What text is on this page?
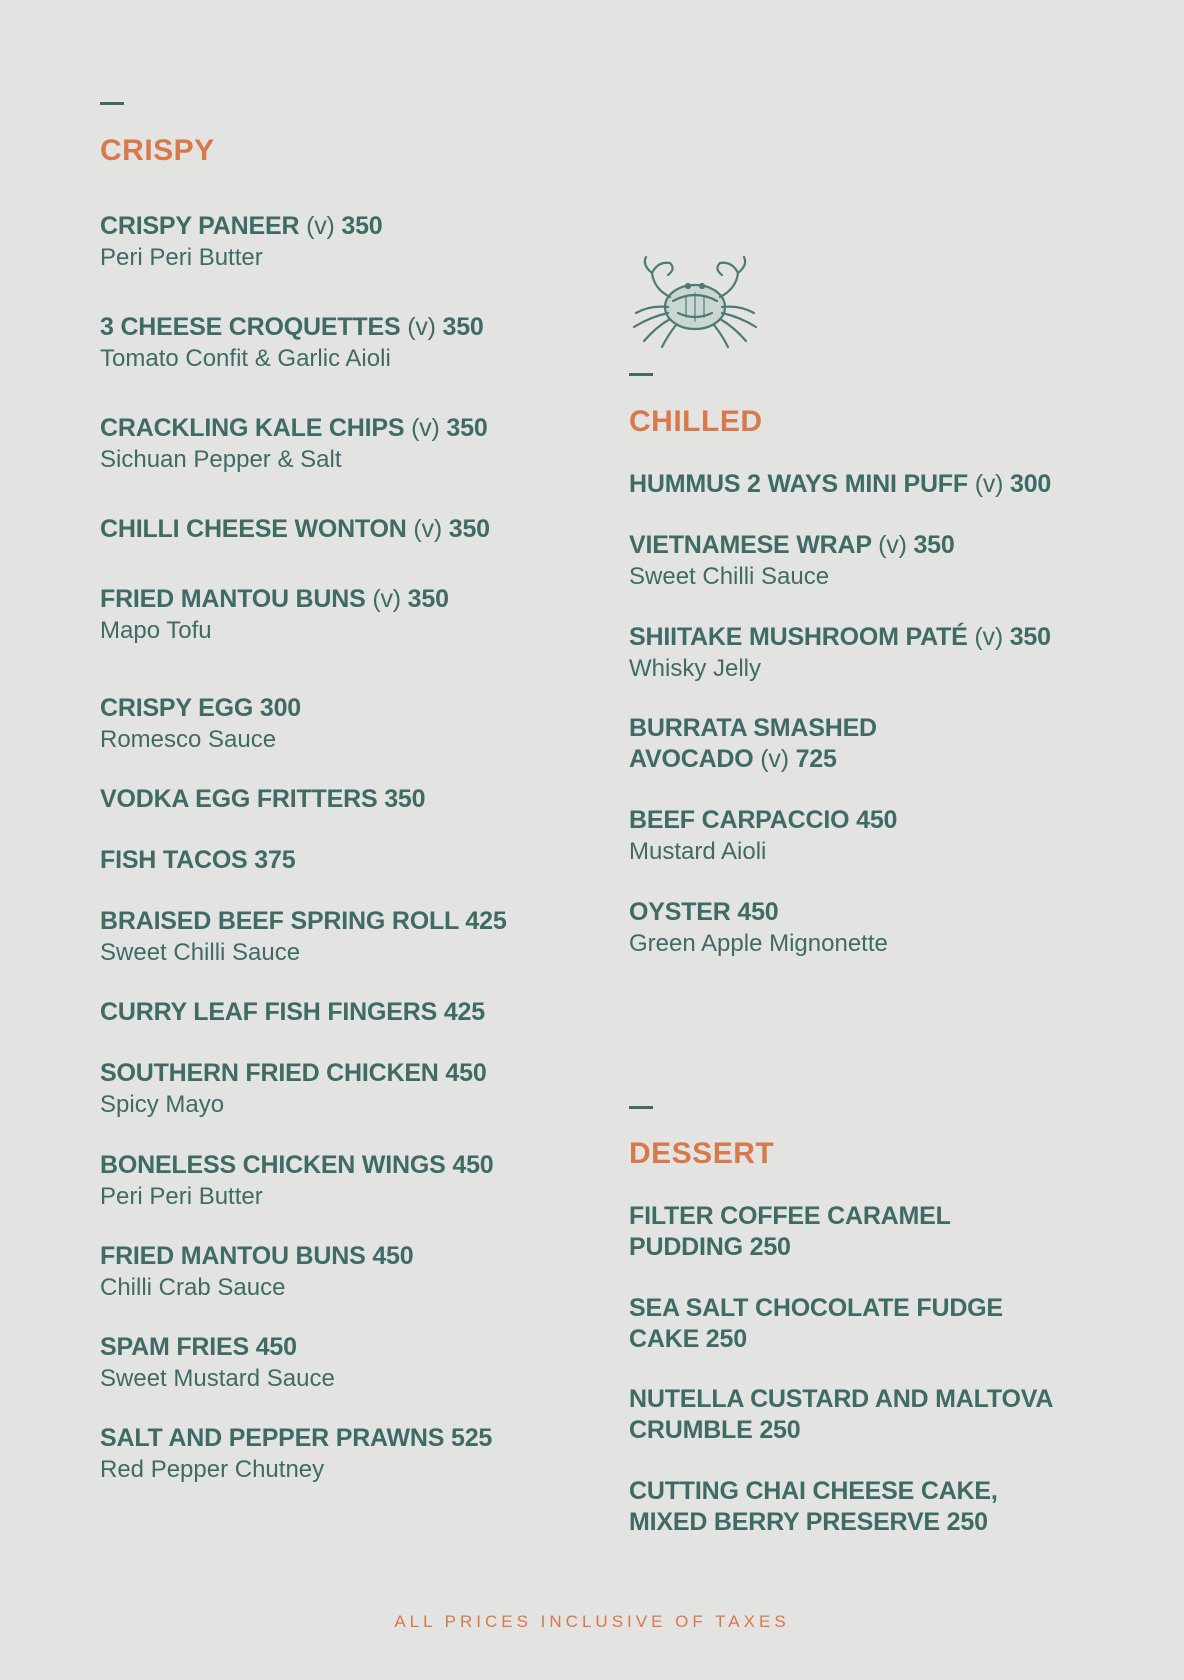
CRISPY
CRISPY PANEER (v) 350
Peri Peri Butter
3 CHEESE CROQUETTES (v) 350
Tomato Confit & Garlic Aioli
CRACKLING KALE CHIPS (v) 350
Sichuan Pepper & Salt
CHILLI CHEESE WONTON (v) 350
FRIED MANTOU BUNS (v) 350
Mapo Tofu
CRISPY EGG 300
Romesco Sauce
VODKA EGG FRITTERS 350
FISH TACOS 375
BRAISED BEEF SPRING ROLL 425
Sweet Chilli Sauce
CURRY LEAF FISH FINGERS 425
SOUTHERN FRIED CHICKEN 450
Spicy Mayo
BONELESS CHICKEN WINGS 450
Peri Peri Butter
FRIED MANTOU BUNS 450
Chilli Crab Sauce
SPAM FRIES 450
Sweet Mustard Sauce
SALT AND PEPPER PRAWNS 525
Red Pepper Chutney
CHILLED
HUMMUS 2 WAYS MINI PUFF (v) 300
VIETNAMESE WRAP (v) 350
Sweet Chilli Sauce
SHIITAKE MUSHROOM PATÉ (v) 350
Whisky Jelly
BURRATA SMASHED
AVOCADO (v) 725
BEEF CARPACCIO 450
Mustard Aioli
OYSTER 450
Green Apple Mignonette
DESSERT
FILTER COFFEE CARAMEL
PUDDING 250
SEA SALT CHOCOLATE FUDGE
CAKE 250
NUTELLA CUSTARD AND MALTOVA
CRUMBLE 250
CUTTING CHAI CHEESE CAKE,
MIXED BERRY PRESERVE 250
ALL PRICES INCLUSIVE OF TAXES
